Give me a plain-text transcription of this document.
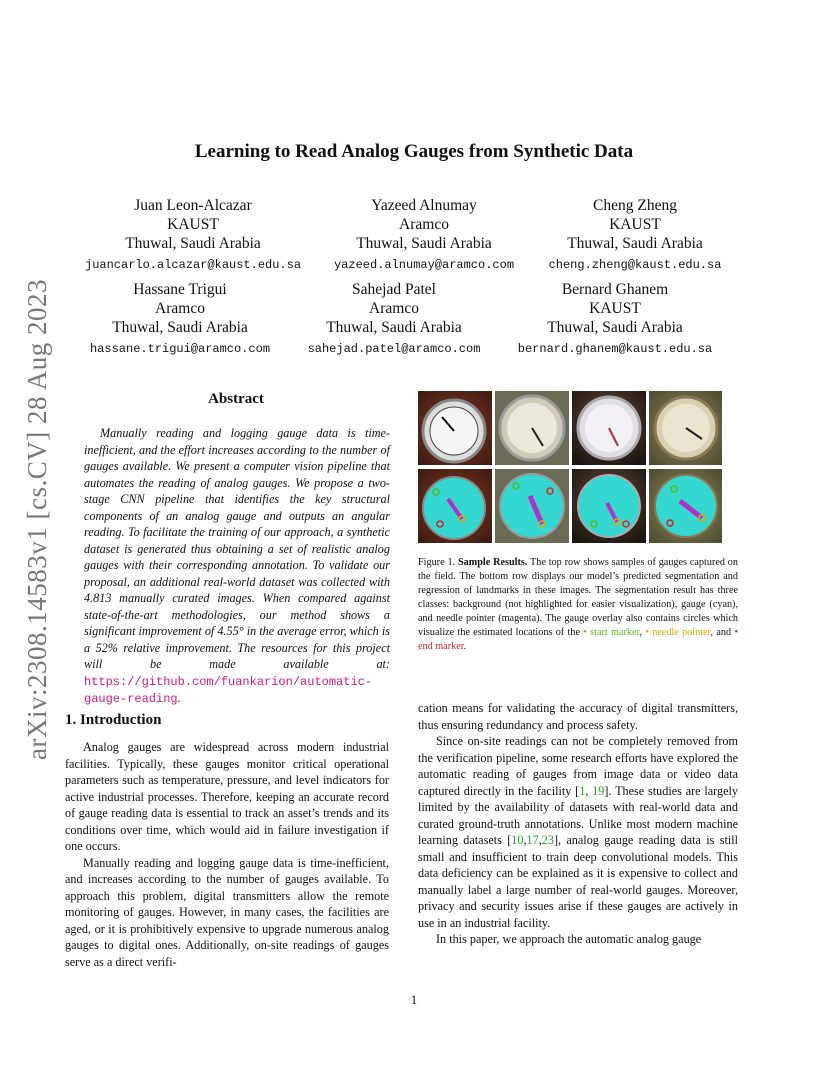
arXiv:2308.14583v1 [cs.CV] 28 Aug 2023
Learning to Read Analog Gauges from Synthetic Data
Juan Leon-Alcazar
KAUST
Thuwal, Saudi Arabia
juancarlo.alcazar@kaust.edu.sa
Yazeed Alnumay
Aramco
Thuwal, Saudi Arabia
yazeed.alnumay@aramco.com
Cheng Zheng
KAUST
Thuwal, Saudi Arabia
cheng.zheng@kaust.edu.sa
Hassane Trigui
Aramco
Thuwal, Saudi Arabia
hassane.trigui@aramco.com
Sahejad Patel
Aramco
Thuwal, Saudi Arabia
sahejad.patel@aramco.com
Bernard Ghanem
KAUST
Thuwal, Saudi Arabia
bernard.ghanem@kaust.edu.sa
Abstract

Manually reading and logging gauge data is time-inefficient, and the effort increases according to the number of gauges available. We present a computer vision pipeline that automates the reading of analog gauges. We propose a two-stage CNN pipeline that identifies the key structural components of an analog gauge and outputs an angular reading. To facilitate the training of our approach, a synthetic dataset is generated thus obtaining a set of realistic analog gauges with their corresponding annotation. To validate our proposal, an additional real-world dataset was collected with 4.813 manually curated images. When compared against state-of-the-art methodologies, our method shows a significant improvement of 4.55° in the average error, which is a 52% relative improvement. The resources for this project will be made available at: https://github.com/fuankarion/automatic-gauge-reading.

Figure 1. Sample Results. The top row shows samples of gauges captured on the field. The bottom row displays our model’s predicted segmentation and regression of landmarks in these images. The segmentation result has three classes: background (not highlighted for easier visualization), gauge (cyan), and needle pointer (magenta). The gauge overlay also contains circles which visualize the estimated locations of the • start marker, • needle pointer, and • end marker.
1. Introduction

Analog gauges are widespread across modern industrial facilities. Typically, these gauges monitor critical operational parameters such as temperature, pressure, and level indicators for active industrial processes. Therefore, keeping an accurate record of gauge reading data is essential to track an asset’s trends and its conditions over time, which would aid in failure investigation if one occurs.

Manually reading and logging gauge data is time-inefficient, and increases according to the number of gauges available. To approach this problem, digital transmitters allow the remote monitoring of gauges. However, in many cases, the facilities are aged, or it is prohibitively expensive to upgrade numerous analog gauges to digital ones. Additionally, on-site readings of gauges serve as a direct verifi-

cation means for validating the accuracy of digital transmitters, thus ensuring redundancy and process safety.

Since on-site readings can not be completely removed from the verification pipeline, some research efforts have explored the automatic reading of gauges from image data or video data captured directly in the facility [1, 19]. These studies are largely limited by the availability of datasets with real-world data and curated ground-truth annotations. Unlike most modern machine learning datasets [10,17,23], analog gauge reading data is still small and insufficient to train deep convolutional models. This data deficiency can be explained as it is expensive to collect and manually label a large number of real-world gauges. Moreover, privacy and security issues arise if these gauges are actively in use in an industrial facility.

In this paper, we approach the automatic analog gauge

1
